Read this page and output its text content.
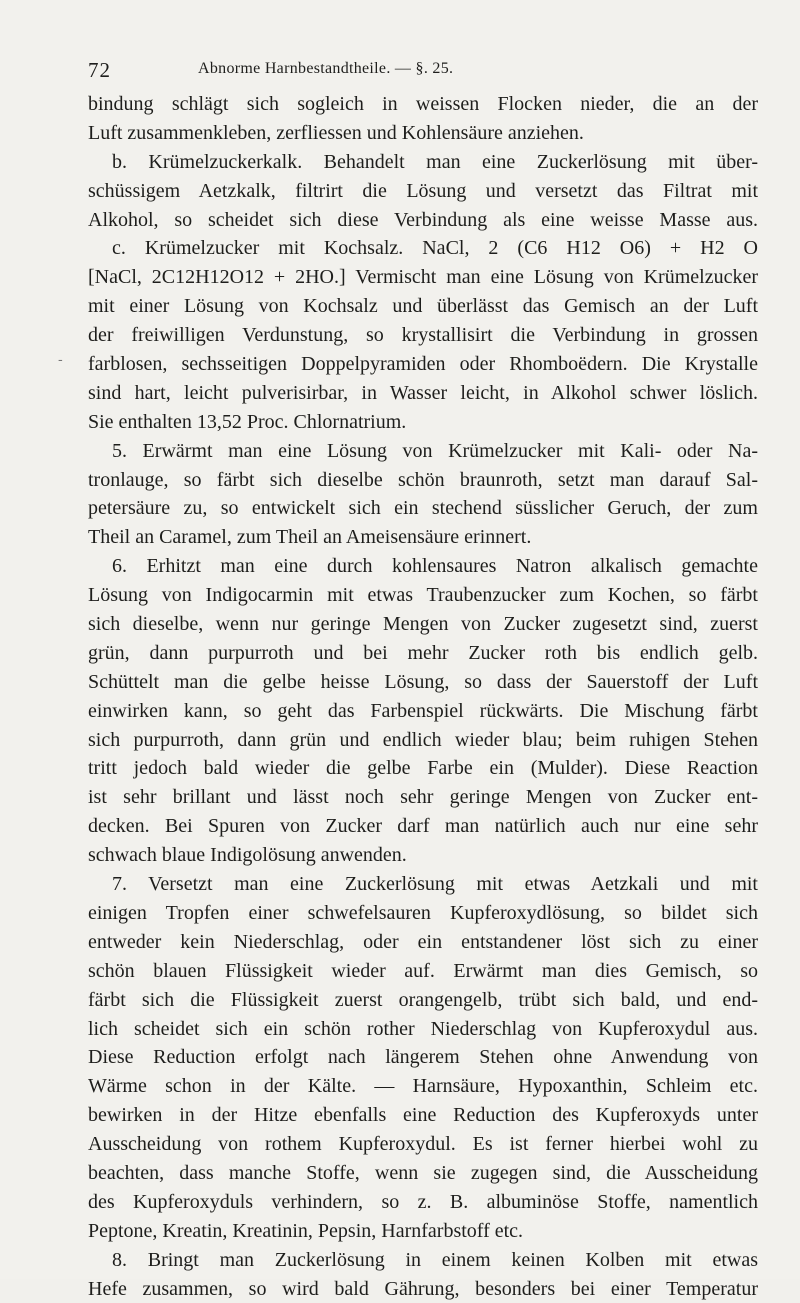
72	Abnorme Harnbestandtheile. — §. 25.
-
bindung schlägt sich sogleich in weissen Flocken nieder, die an der
Luft zusammenkleben, zerfliessen und Kohlensäure anziehen.
b. Krümelzuckerkalk. Behandelt man eine Zuckerlösung mit über-
schüssigem Aetzkalk, filtrirt die Lösung und versetzt das Filtrat mit
Alkohol, so scheidet sich diese Verbindung als eine weisse Masse aus.
c. Krümelzucker mit Kochsalz. NaCl, 2 (C6 H12 O6) + H2 O
[NaCl, 2C12H12O12 + 2HO.] Vermischt man eine Lösung von Krümelzucker
mit einer Lösung von Kochsalz und überlässt das Gemisch an der Luft
der freiwilligen Verdunstung, so krystallisirt die Verbindung in grossen
farblosen, sechsseitigen Doppelpyramiden oder Rhomboëdern. Die Krystalle
sind hart, leicht pulverisirbar, in Wasser leicht, in Alkohol schwer löslich.
Sie enthalten 13,52 Proc. Chlornatrium.
5. Erwärmt man eine Lösung von Krümelzucker mit Kali- oder Na-
tronlauge, so färbt sich dieselbe schön braunroth, setzt man darauf Sal-
petersäure zu, so entwickelt sich ein stechend süsslicher Geruch, der zum
Theil an Caramel, zum Theil an Ameisensäure erinnert.
6. Erhitzt man eine durch kohlensaures Natron alkalisch gemachte
Lösung von Indigocarmin mit etwas Traubenzucker zum Kochen, so färbt
sich dieselbe, wenn nur geringe Mengen von Zucker zugesetzt sind, zuerst
grün, dann purpurroth und bei mehr Zucker roth bis endlich gelb.
Schüttelt man die gelbe heisse Lösung, so dass der Sauerstoff der Luft
einwirken kann, so geht das Farbenspiel rückwärts. Die Mischung färbt
sich purpurroth, dann grün und endlich wieder blau; beim ruhigen Stehen
tritt jedoch bald wieder die gelbe Farbe ein (Mulder). Diese Reaction
ist sehr brillant und lässt noch sehr geringe Mengen von Zucker ent-
decken. Bei Spuren von Zucker darf man natürlich auch nur eine sehr
schwach blaue Indigolösung anwenden.
7. Versetzt man eine Zuckerlösung mit etwas Aetzkali und mit
einigen Tropfen einer schwefelsauren Kupferoxydlösung, so bildet sich
entweder kein Niederschlag, oder ein entstandener löst sich zu einer
schön blauen Flüssigkeit wieder auf. Erwärmt man dies Gemisch, so
färbt sich die Flüssigkeit zuerst orangengelb, trübt sich bald, und end-
lich scheidet sich ein schön rother Niederschlag von Kupferoxydul aus.
Diese Reduction erfolgt nach längerem Stehen ohne Anwendung von
Wärme schon in der Kälte. — Harnsäure, Hypoxanthin, Schleim etc.
bewirken in der Hitze ebenfalls eine Reduction des Kupferoxyds unter
Ausscheidung von rothem Kupferoxydul. Es ist ferner hierbei wohl zu
beachten, dass manche Stoffe, wenn sie zugegen sind, die Ausscheidung
des Kupferoxyduls verhindern, so z. B. albuminöse Stoffe, namentlich
Peptone, Kreatin, Kreatinin, Pepsin, Harnfarbstoff etc.
8. Bringt man Zuckerlösung in einem keinen Kolben mit etwas
Hefe zusammen, so wird bald Gährung, besonders bei einer Temperatur
